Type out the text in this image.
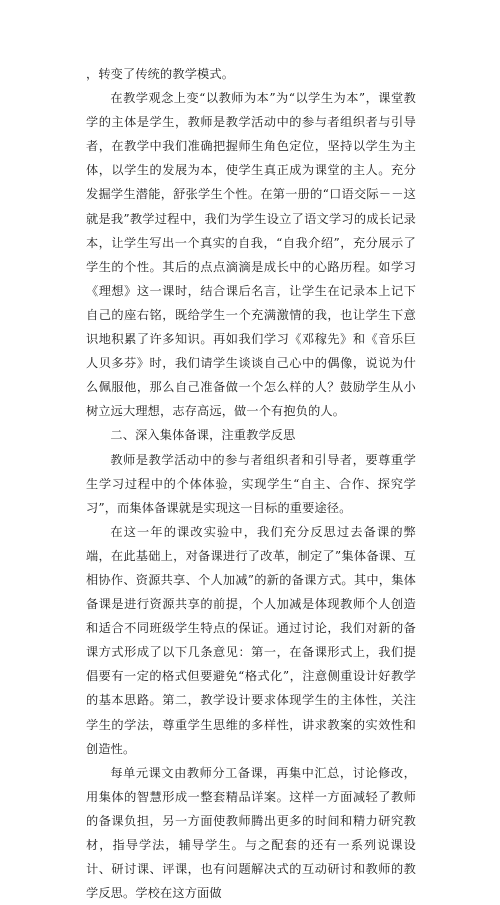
，转变了传统的教学模式。

在教学观念上变“以教师为本”为“以学生为本”，课堂教学的主体是学生，教师是教学活动中的参与者组织者与引导者，在教学中我们准确把握师生角色定位，坚持以学生为主体，以学生的发展为本，使学生真正成为课堂的主人。充分发掘学生潜能，舒张学生个性。在第一册的“口语交际－－这就是我”教学过程中，我们为学生设立了语文学习的成长记录本，让学生写出一个真实的自我，“自我介绍”，充分展示了学生的个性。其后的点点滴滴是成长中的心路历程。如学习《理想》这一课时，结合课后名言，让学生在记录本上记下自己的座右铭，既给学生一个充满激情的我，也让学生下意识地积累了许多知识。再如我们学习《邓稼先》和《音乐巨人贝多芬》时，我们请学生谈谈自己心中的偶像，说说为什么佩服他，那么自己准备做一个怎么样的人？鼓励学生从小树立远大理想，志存高远，做一个有抱负的人。

二、深入集体备课，注重教学反思

教师是教学活动中的参与者组织者和引导者，要尊重学生学习过程中的个体体验，实现学生“自主、合作、探究学习”，而集体备课就是实现这一目标的重要途径。

在这一年的课改实验中，我们充分反思过去备课的弊端，在此基础上，对备课进行了改革，制定了”集体备课、互相协作、资源共享、个人加减”的新的备课方式。其中，集体备课是进行资源共享的前提，个人加减是体现教师个人创造和适合不同班级学生特点的保证。通过讨论，我们对新的备课方式形成了以下几条意见：第一，在备课形式上，我们提倡要有一定的格式但要避免“格式化”，注意侧重设计好教学的基本思路。第二，教学设计要求体现学生的主体性，关注学生的学法，尊重学生思维的多样性，讲求教案的实效性和创造性。

每单元课文由教师分工备课，再集中汇总，讨论修改，用集体的智慧形成一整套精品详案。这样一方面减轻了教师的备课负担，另一方面使教师腾出更多的时间和精力研究教材，指导学法，辅导学生。与之配套的还有一系列说课设计、研讨课、评课，也有问题解决式的互动研讨和教师的教学反思。学校在这方面做
